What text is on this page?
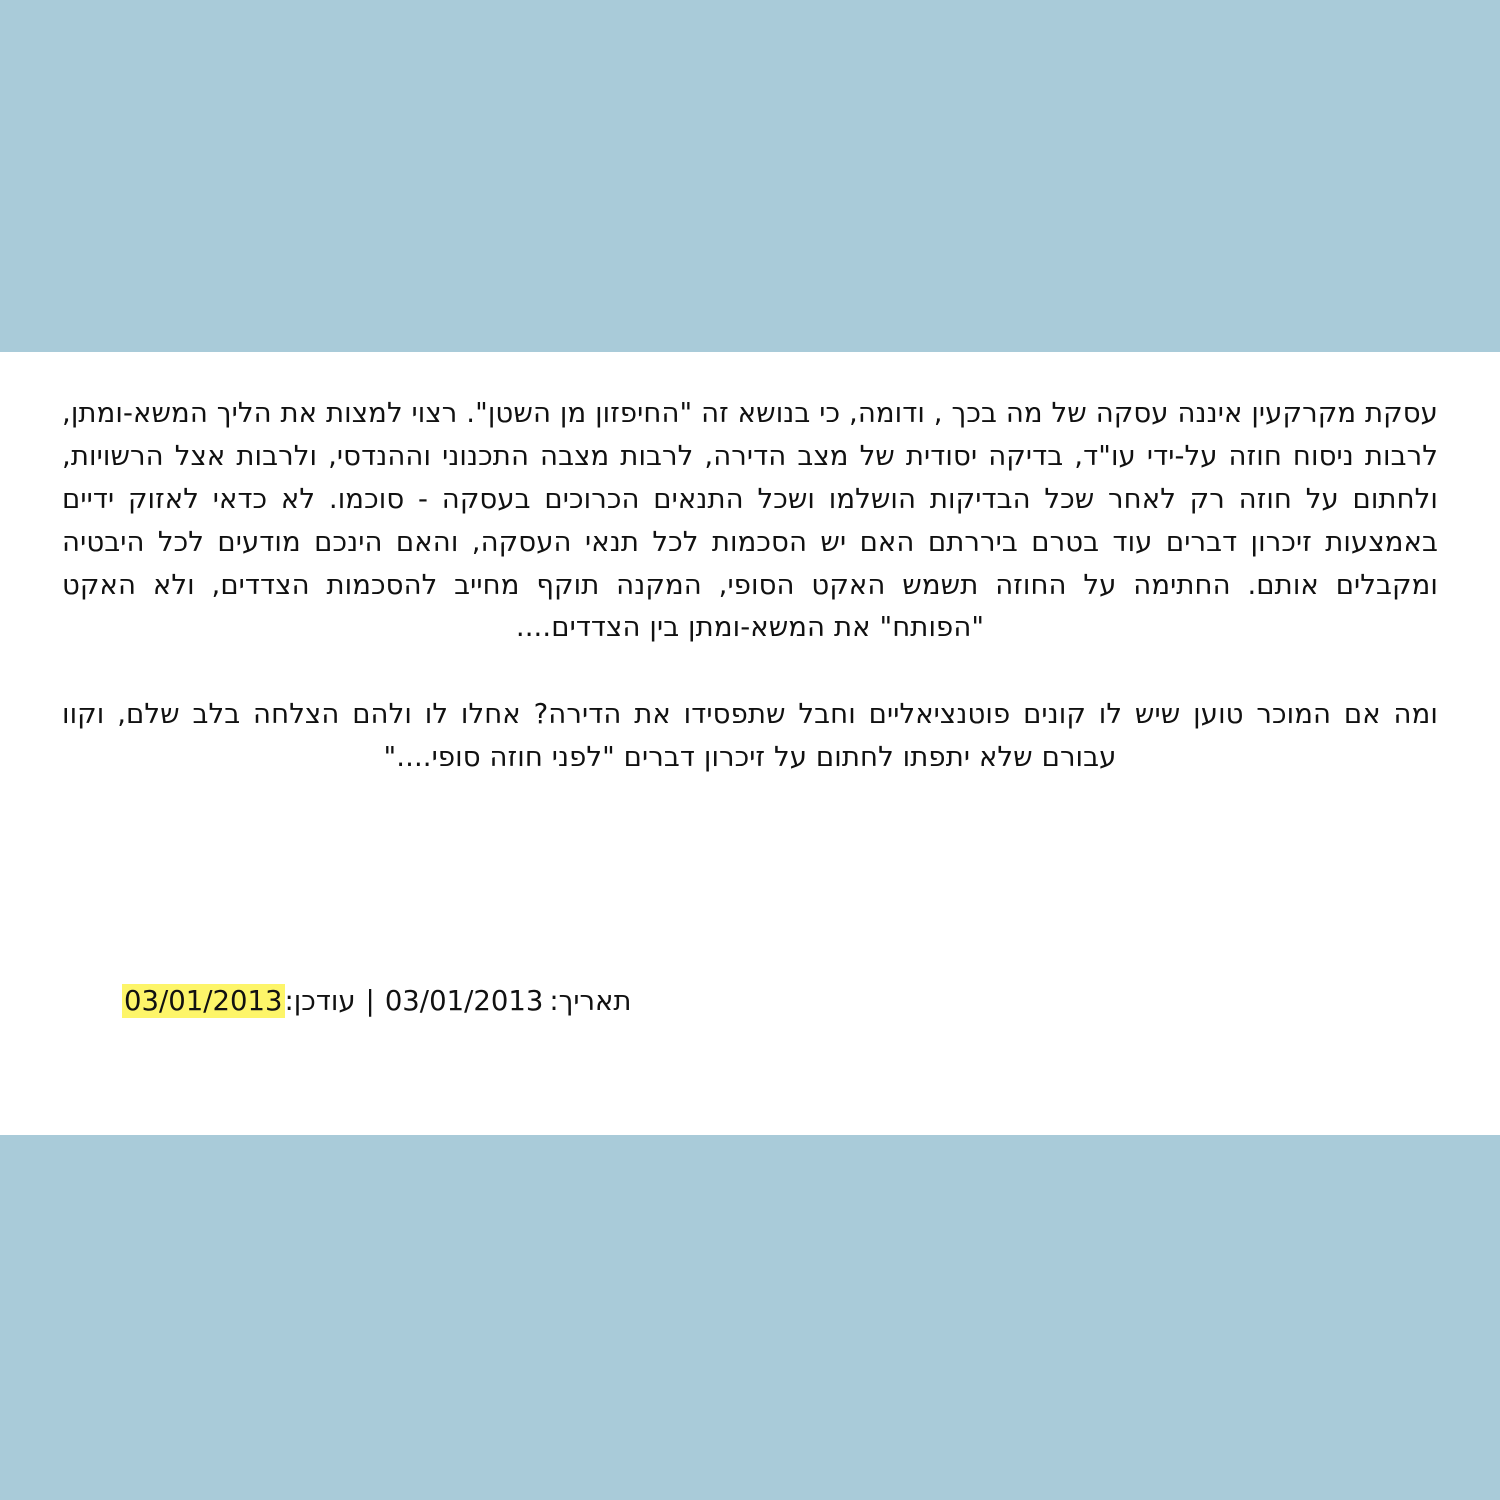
עסקת מקרקעין איננה עסקה של מה בכך , ודומה, כי בנושא זה "החיפזון מן השטן". רצוי למצות את הליך המשא-ומתן, לרבות ניסוח חוזה על-ידי עו"ד, בדיקה יסודית של מצב הדירה, לרבות מצבה התכנוני וההנדסי, ולרבות אצל הרשויות, ולחתום על חוזה רק לאחר שכל הבדיקות הושלמו ושכל התנאים הכרוכים בעסקה - סוכמו. לא כדאי לאזוק ידיים באמצעות זיכרון דברים עוד בטרם ביררתם האם יש הסכמות לכל תנאי העסקה, והאם הינכם מודעים לכל היבטיה ומקבלים אותם. החתימה על החוזה תשמש האקט הסופי, המקנה תוקף מחייב להסכמות הצדדים, ולא האקט "הפותח" את המשא-ומתן בין הצדדים....

ומה אם המוכר טוען שיש לו קונים פוטנציאליים וחבל שתפסידו את הדירה? אחלו לו ולהם הצלחה בלב שלם, וקוו עבורם שלא יתפתו לחתום על זיכרון דברים "לפני חוזה סופי...."

תאריך:03/01/2013|עודכן:03/01/2013
